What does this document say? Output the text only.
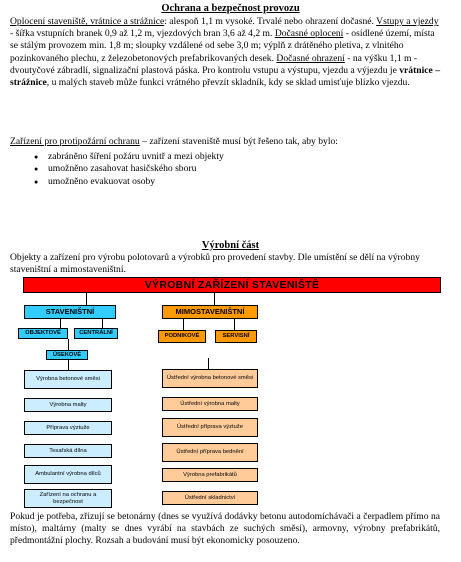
Ochrana a bezpečnost provozu
Oplocení staveniště, vrátnice a strážnice: alespoň 1,1 m vysoké. Trvalé nebo ohrazení dočasné. Vstupy a vjezdy - šířka vstupních branek 0,9 až 1,2 m, vjezdových bran 3,6 až 4,2 m. Dočasné oplocení - osídlené území, místa se stálým provozem min. 1,8 m; sloupky vzdálené od sebe 3,0 m; výplň z drátěného pletiva, z vlnitého pozinkovaného plechu, z železobetonových prefabrikovaných desek. Dočasné ohrazení - na výšku 1,1 m - dvoutyčové zábradlí, signalizační plastová páska. Pro kontrolu vstupu a výstupu, vjezdu a výjezdu je vrátnice – strážnice, u malých staveb může funkci vrátného převzít skladník, kdy se sklad umisťuje blízko vjezdu.
Zařízení pro protipožární ochranu – zařízení staveniště musí být řešeno tak, aby bylo:
● zabráněno šíření požáru uvnitř a mezi objekty
● umožněno zasahovat hasičského sboru
● umožněno evakuovat osoby
Výrobní část
Objekty a zařízení pro výrobu polotovarů a výrobků pro provedení stavby. Dle umístění se dělí na výrobny staveništní a mimostaveništní.
VÝROBNÍ ZAŘÍZENÍ STAVENIŠTĚ
STAVENIŠTNÍ
OBJEKTOVÉ	CENTRÁLNÍ
ÚSEKOVÉ
Výrobna betonové směsi
Výrobna malty
Příprava výztuže
Tesařská dílna
Ambulantní výrobna dílců
Zařízení na ochranu a bezpečnost
MIMOSTAVENIŠTNÍ
PODNIKOVÉ	SERVISNÍ
Ústřední výrobna betonové směsi
Ústřední výrobna malty
Ústřední příprava výztuže
Ústřední příprava bednění
Výrobna prefabrikátů
Ústřední skladnictví
Pokud je potřeba, zřizují se betonárny (dnes se využívá dodávky betonu autodomíchávači a čerpadlem přímo na místo), maltárny (malty se dnes vyrábí na stavbách ze suchých směsí), armovny, výrobny prefabrikátů, předmontážní plochy. Rozsah a budování musí být ekonomicky posouzeno.
